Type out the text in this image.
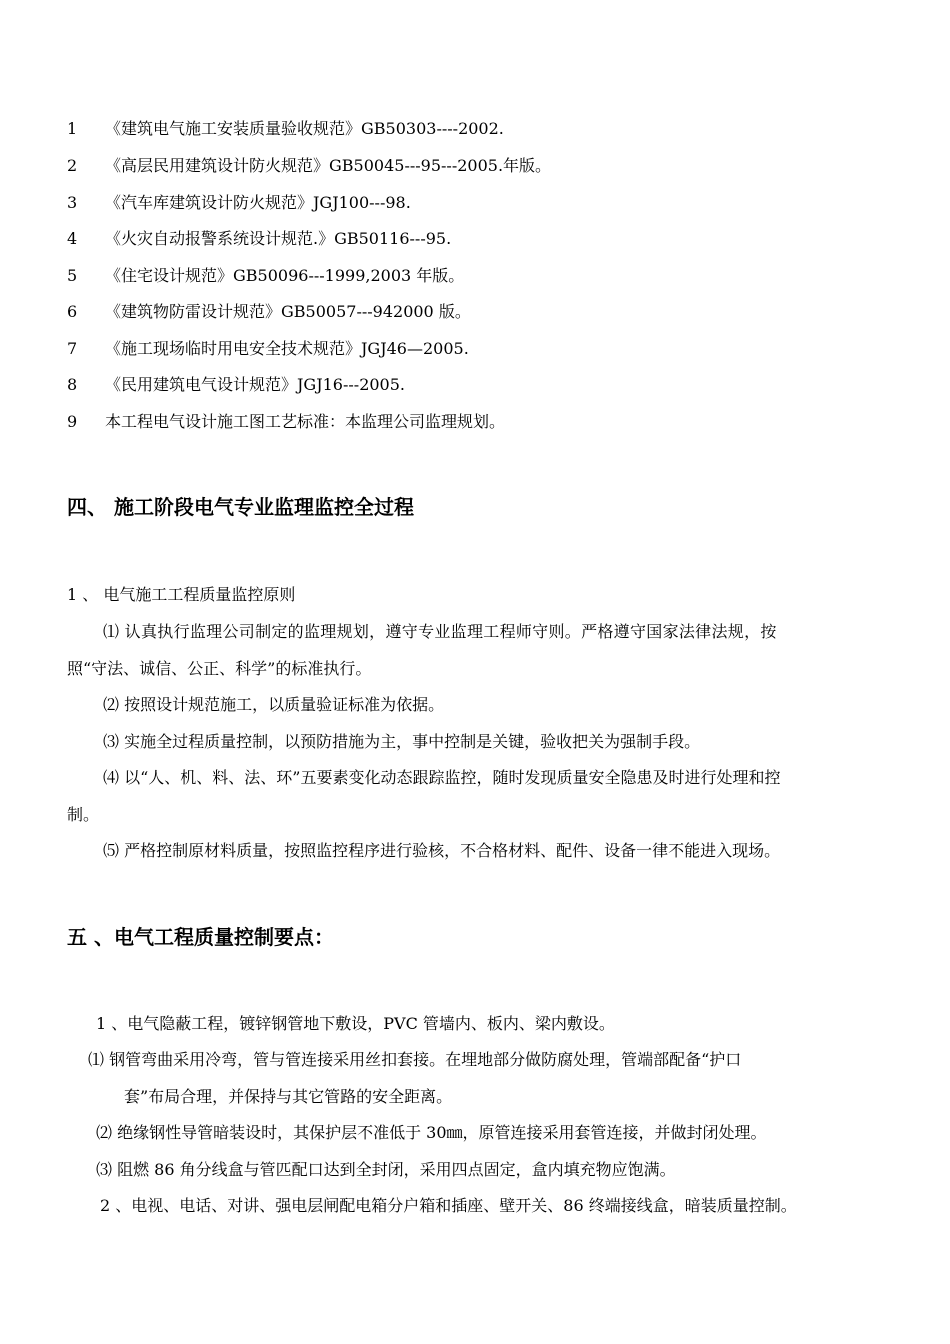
1 《建筑电气施工安装质量验收规范》GB50303----2002.
2 《高层民用建筑设计防火规范》GB50045---95---2005.年版。
3 《汽车库建筑设计防火规范》JGJ100---98.
4 《火灾自动报警系统设计规范.》GB50116---95.
5 《住宅设计规范》GB50096---1999,2003 年版。
6 《建筑物防雷设计规范》GB50057---942000 版。
7 《施工现场临时用电安全技术规范》JGJ46—2005.
8 《民用建筑电气设计规范》JGJ16---2005.
9 本工程电气设计施工图工艺标准：本监理公司监理规划。
四、 施工阶段电气专业监理监控全过程
1 、 电气施工工程质量监控原则
⑴ 认真执行监理公司制定的监理规划，遵守专业监理工程师守则。严格遵守国家法律法规，按
照“守法、诚信、公正、科学”的标准执行。
⑵ 按照设计规范施工，以质量验证标准为依据。
⑶ 实施全过程质量控制，以预防措施为主，事中控制是关键，验收把关为强制手段。
⑷ 以“人、机、料、法、环”五要素变化动态跟踪监控，随时发现质量安全隐患及时进行处理和控
制。
⑸ 严格控制原材料质量，按照监控程序进行验核，不合格材料、配件、设备一律不能进入现场。
五 、电气工程质量控制要点：
1 、电气隐蔽工程，镀锌钢管地下敷设，PVC 管墙内、板内、梁内敷设。
⑴ 钢管弯曲采用冷弯，管与管连接采用丝扣套接。在埋地部分做防腐处理，管端部配备“护口
套”布局合理，并保持与其它管路的安全距离。
⑵ 绝缘钢性导管暗装设时，其保护层不准低于 30㎜，原管连接采用套管连接，并做封闭处理。
⑶ 阻燃 86 角分线盒与管匹配口达到全封闭，采用四点固定，盒内填充物应饱满。
2 、电视、电话、对讲、强电层闸配电箱分户箱和插座、壁开关、86 终端接线盒，暗装质量控制。
